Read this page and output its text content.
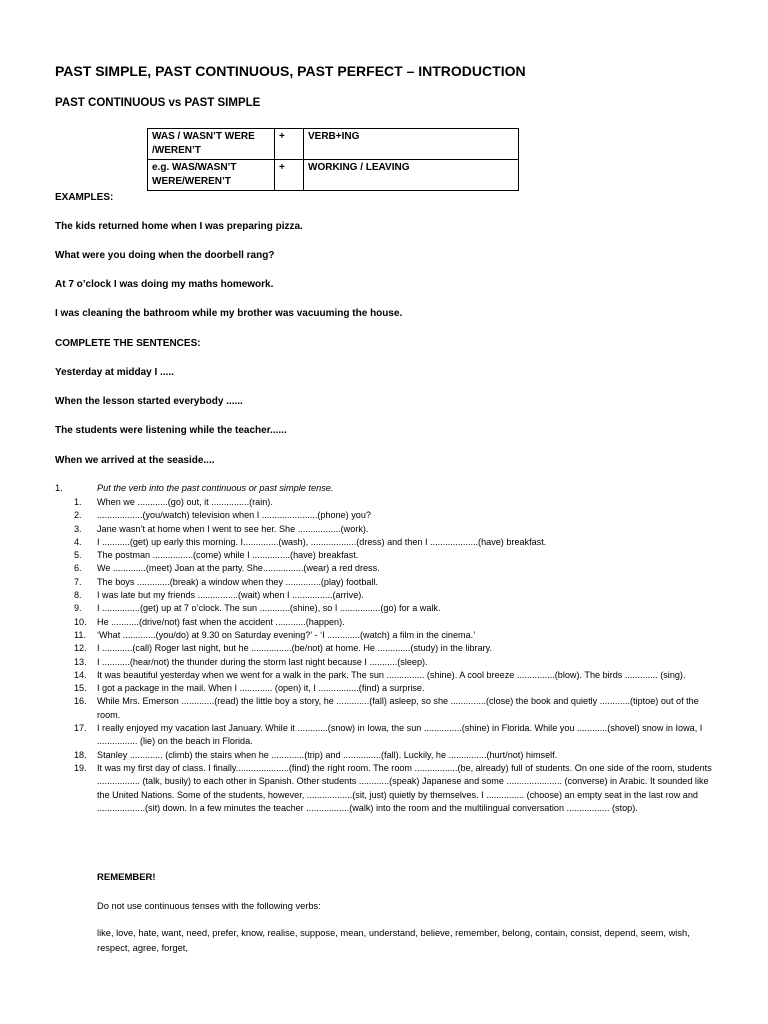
PAST SIMPLE, PAST CONTINUOUS, PAST PERFECT – INTRODUCTION
PAST CONTINUOUS vs PAST SIMPLE
WAS / WASN’T WERE /WEREN’T	+	VERB+ING
e.g. WAS/WASN’T WERE/WEREN’T	+	WORKING / LEAVING
EXAMPLES:
The kids returned home when I was preparing pizza.
What were you doing when the doorbell rang?
At 7 o’clock I was doing my maths homework.
I was cleaning the bathroom while my brother was vacuuming the house.
COMPLETE THE SENTENCES:
Yesterday at midday I .....
When the lesson started everybody ......
The students were listening while the teacher......
When we arrived at the seaside....
1.	Put the verb into the past continuous or past simple tense.
1. When we ............(go) out, it ...............(rain).
2. ..................(you/watch) television when I ......................(phone) you?
3. Jane wasn’t at home when I went to see her. She .................(work).
4. I ...........(get) up early this morning. I..............(wash), ..................(dress) and then I ...................(have) breakfast.
5. The postman ................(come) while I ...............(have) breakfast.
6. We .............(meet) Joan at the party. She................(wear) a red dress.
7. The boys .............(break) a window when they ..............(play) football.
8. I was late but my friends ................(wait) when I ................(arrive).
9. I ...............(get) up at 7 o’clock. The sun ............(shine), so I ................(go) for a walk.
10. He ...........(drive/not) fast when the accident ............(happen).
11. ‘What .............(you/do) at 9.30 on Saturday evening?’ - ‘I .............(watch) a film in the cinema.’
12. I ............(call) Roger last night, but he ................(be/not) at home. He .............(study) in the library.
13. I ...........(hear/not) the thunder during the storm last night because I ...........(sleep).
14. It was beautiful yesterday when we went for a walk in the park. The sun ............... (shine). A cool breeze ...............(blow). The birds ............. (sing).
15. I got a package in the mail. When I ............. (open) it, I ................(find) a surprise.
16. While Mrs. Emerson .............(read) the little boy a story, he .............(fall) asleep, so she ..............(close) the book and quietly ............(tiptoe) out of the room.
17. I really enjoyed my vacation last January. While it ............(snow) in Iowa, the sun ...............(shine) in Florida. While you ............(shovel) snow in Iowa, I ................ (lie) on the beach in Florida.
18. Stanley ............. (climb) the stairs when he .............(trip) and ...............(fall). Luckily, he ...............(hurt/not) himself.
19. It was my first day of class. I finally.....................(find) the right room. The room .................(be, already) full of students. On one side of the room, students ................. (talk, busily) to each other in Spanish. Other students ............(speak) Japanese and some ...................... (converse) in Arabic. It sounded like the United Nations. Some of the students, however, ..................(sit, just) quietly by themselves. I ............... (choose) an empty seat in the last row and ...................(sit) down. In a few minutes the teacher .................(walk) into the room and the multilingual conversation ................. (stop).
REMEMBER!
Do not use continuous tenses with the following verbs:
like, love, hate, want, need, prefer, know, realise, suppose, mean, understand, believe, remember, belong, contain, consist, depend, seem, wish, respect, agree, forget,
